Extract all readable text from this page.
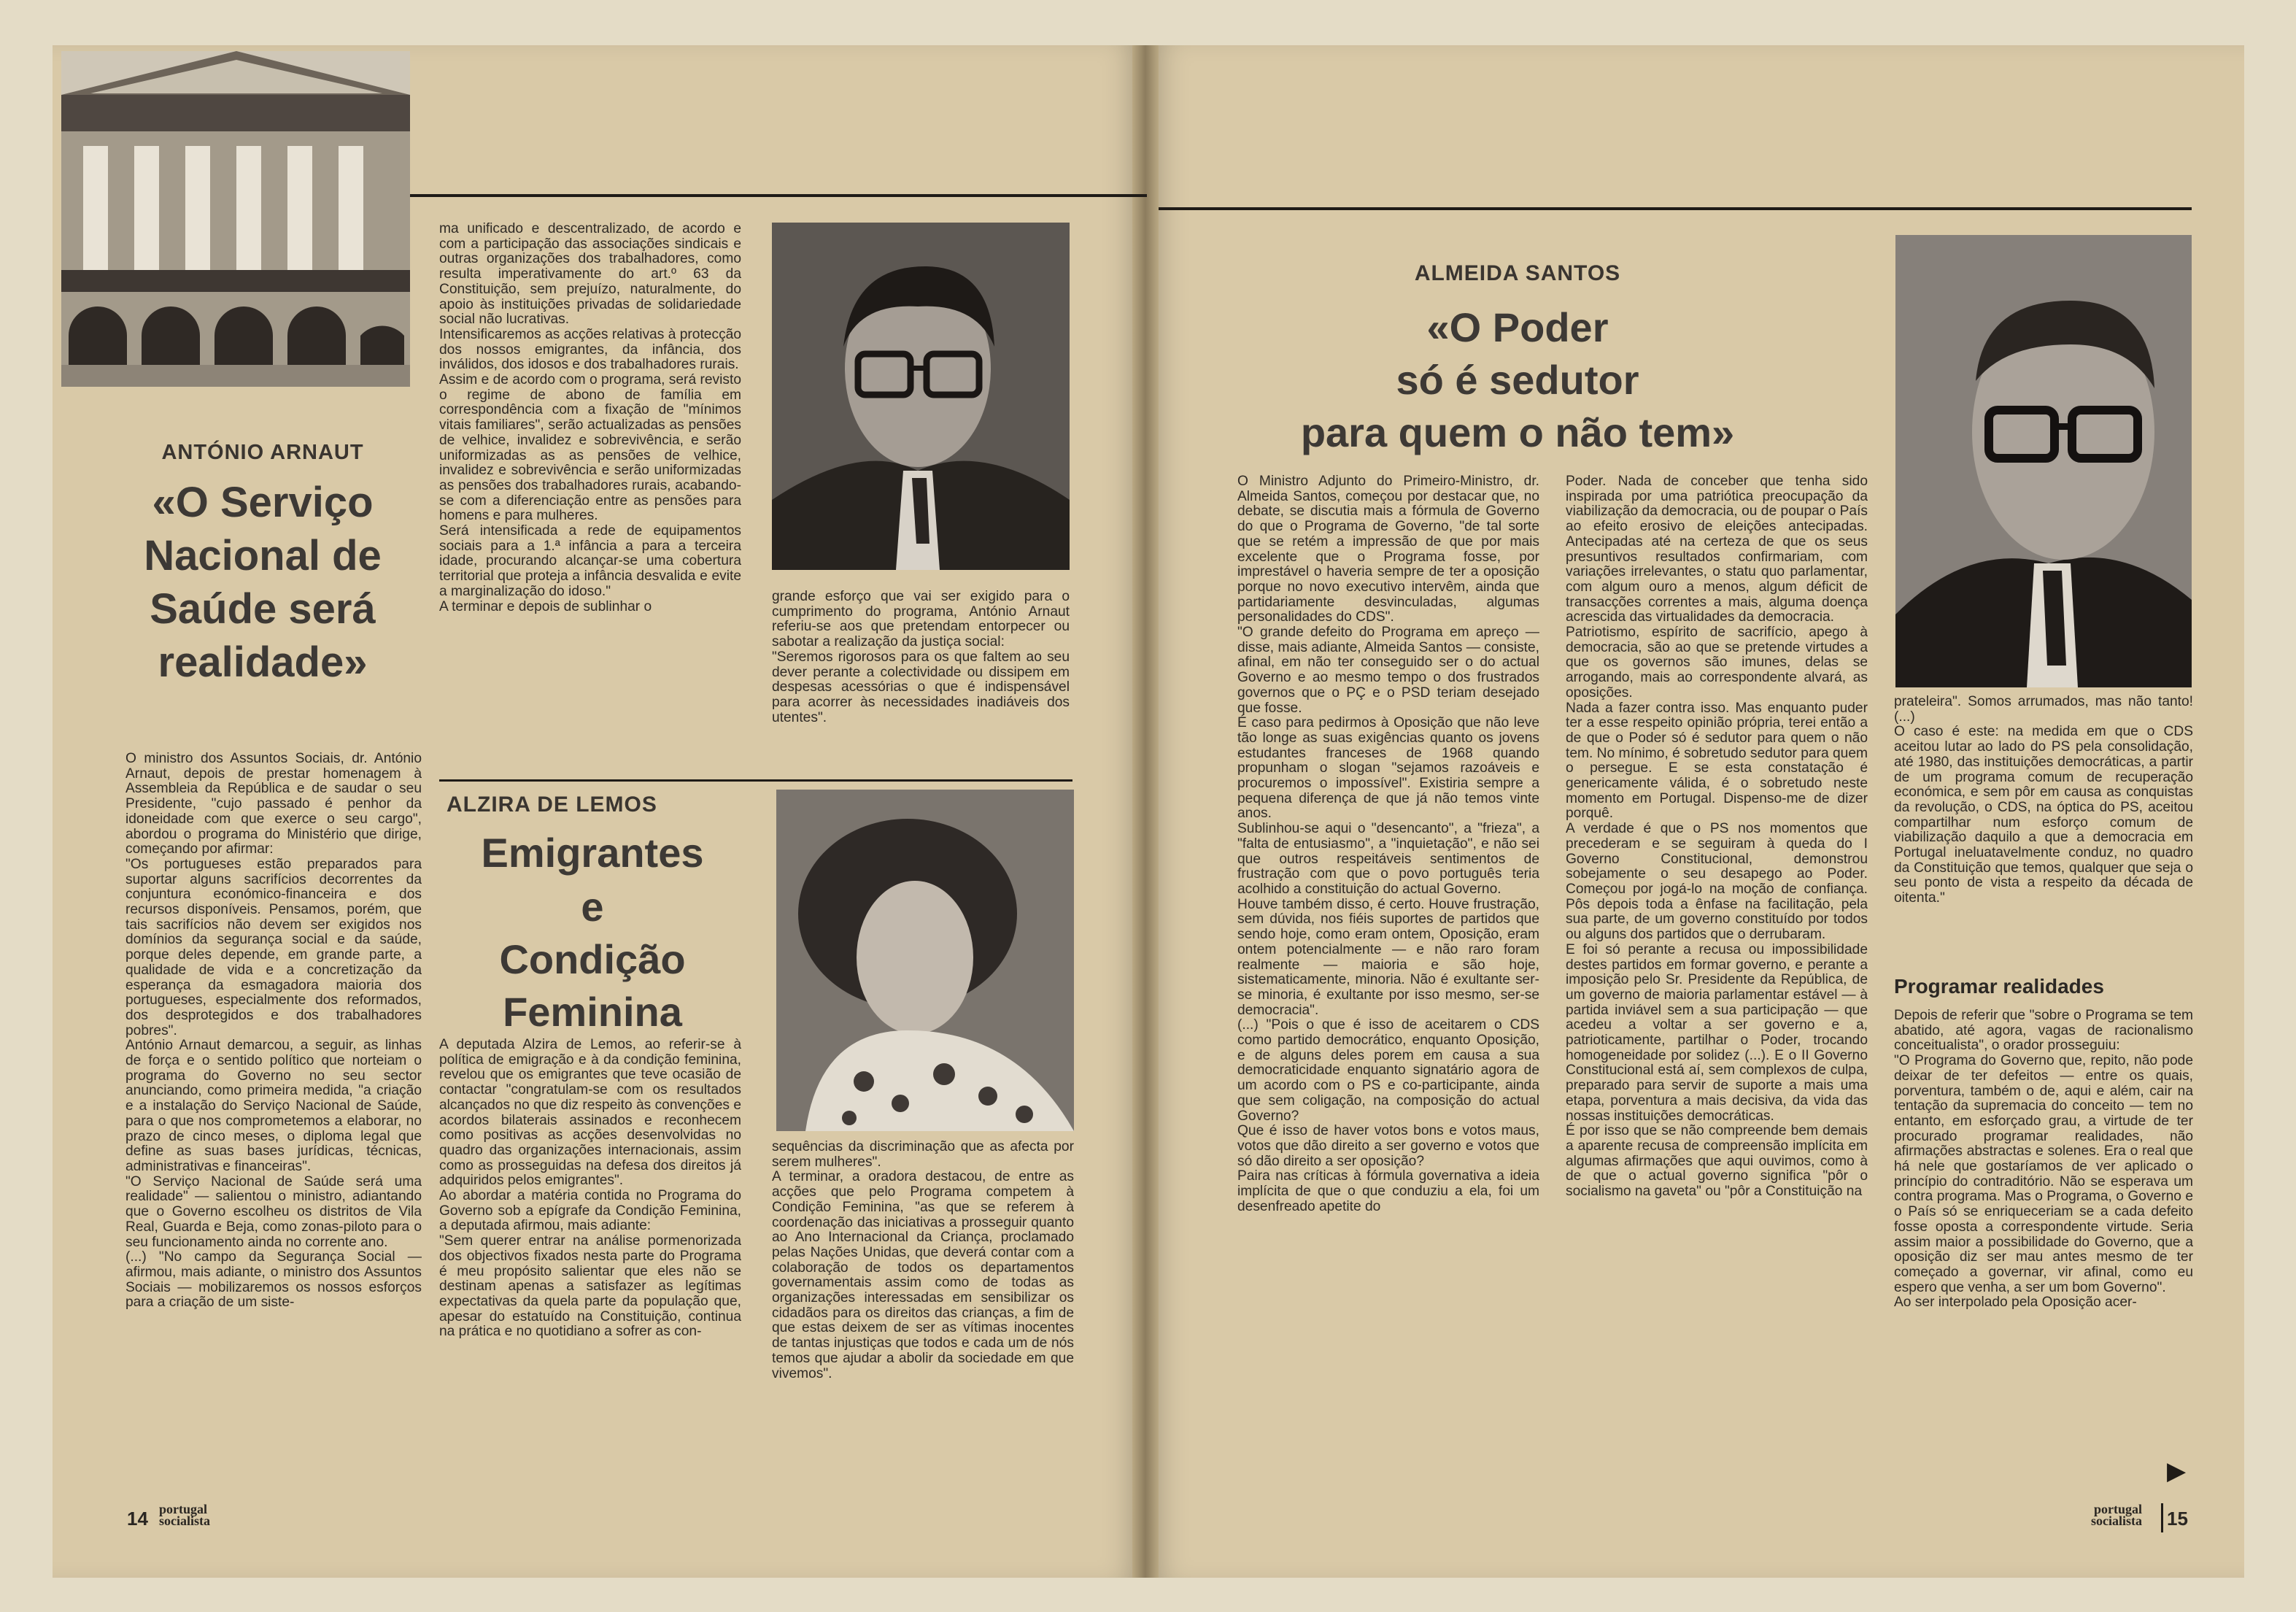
ANTÓNIO ARNAUT
«O Serviço Nacional de Saúde será realidade»
O ministro dos Assuntos Sociais, dr. António Arnaut, depois de prestar homenagem à Assembleia da República e de saudar o seu Presidente, "cujo passado é penhor da idoneidade com que exerce o seu cargo", abordou o programa do Ministério que dirige, começando por afirmar:
"Os portugueses estão preparados para suportar alguns sacrifícios decorrentes da conjuntura económico-financeira e dos recursos disponíveis. Pensamos, porém, que tais sacrifícios não devem ser exigidos nos domínios da segurança social e da saúde, porque deles depende, em grande parte, a qualidade de vida e a concretização da esperança da esmagadora maioria dos portugueses, especialmente dos reformados, dos desprotegidos e dos trabalhadores pobres".
António Arnaut demarcou, a seguir, as linhas de força e o sentido político que norteiam o programa do Governo no seu sector anunciando, como primeira medida, "a criação e a instalação do Serviço Nacional de Saúde, para o que nos comprometemos a elaborar, no prazo de cinco meses, o diploma legal que define as suas bases jurídicas, técnicas, administrativas e financeiras".
"O Serviço Nacional de Saúde será uma realidade" — salientou o ministro, adiantando que o Governo escolheu os distritos de Vila Real, Guarda e Beja, como zonas-piloto para o seu funcionamento ainda no corrente ano.
(...) "No campo da Segurança Social — afirmou, mais adiante, o ministro dos Assuntos Sociais — mobilizaremos os nossos esforços para a criação de um siste-
ma unificado e descentralizado, de acordo e com a participação das associações sindicais e outras organizações dos trabalhadores, como resulta imperativamente do art.º 63 da Constituição, sem prejuízo, naturalmente, do apoio às instituições privadas de solidariedade social não lucrativas.
Intensificaremos as acções relativas à protecção dos nossos emigrantes, da infância, dos inválidos, dos idosos e dos trabalhadores rurais.
Assim e de acordo com o programa, será revisto o regime de abono de família em correspondência com a fixação de "mínimos vitais familiares", serão actualizadas as pensões de velhice, invalidez e sobrevivência, e serão uniformizadas as as pensões de velhice, invalidez e sobrevivência e serão uniformizadas as pensões dos trabalhadores rurais, acabando-se com a diferenciação entre as pensões para homens e para mulheres.
Será intensificada a rede de equipamentos sociais para a 1.ª infância a para a terceira idade, procurando alcançar-se uma cobertura territorial que proteja a infância desvalida e evite a marginalização do idoso."
A terminar e depois de sublinhar o
grande esforço que vai ser exigido para o cumprimento do programa, António Arnaut referiu-se aos que pretendam entorpecer ou sabotar a realização da justiça social:
"Seremos rigorosos para os que faltem ao seu dever perante a colectividade ou dissipem em despesas acessórias o que é indispensável para acorrer às necessidades inadiáveis dos utentes".
ALZIRA DE LEMOS
Emigrantes
e
Condição
Feminina
A deputada Alzira de Lemos, ao referir-se à política de emigração e à da condição feminina, revelou que os emigrantes que teve ocasião de contactar "congratulam-se com os resultados alcançados no que diz respeito às convenções e acordos bilaterais assinados e reconhecem como positivas as acções desenvolvidas no quadro das organizações internacionais, assim como as prosseguidas na defesa dos direitos já adquiridos pelos emigrantes".
Ao abordar a matéria contida no Programa do Governo sob a epígrafe da Condição Feminina, a deputada afirmou, mais adiante:
"Sem querer entrar na análise pormenorizada dos objectivos fixados nesta parte do Programa é meu propósito salientar que eles não se destinam apenas a satisfazer as legítimas expectativas da quela parte da população que, apesar do estatuído na Constituição, continua na prática e no quotidiano a sofrer as con-
sequências da discriminação que as afecta por serem mulheres".
A terminar, a oradora destacou, de entre as acções que pelo Programa competem à Condição Feminina, "as que se referem à coordenação das iniciativas a prosseguir quanto ao Ano Internacional da Criança, proclamado pelas Nações Unidas, que deverá contar com a colaboração de todos os departamentos governamentais assim como de todas as organizações interessadas em sensibilizar os cidadãos para os direitos das crianças, a fim de que estas deixem de ser as vítimas inocentes de tantas injustiças que todos e cada um de nós temos que ajudar a abolir da sociedade em que vivemos".
14 portugal
socialista
ALMEIDA SANTOS
«O Poder
só é sedutor
para quem o não tem»
O Ministro Adjunto do Primeiro-Ministro, dr. Almeida Santos, começou por destacar que, no debate, se discutia mais a fórmula de Governo do que o Programa de Governo, "de tal sorte que se retém a impressão de que por mais excelente que o Programa fosse, por imprestável o haveria sempre de ter a oposição porque no novo executivo intervêm, ainda que partidariamente desvinculadas, algumas personalidades do CDS".
"O grande defeito do Programa em apreço — disse, mais adiante, Almeida Santos — consiste, afinal, em não ter conseguido ser o do actual Governo e ao mesmo tempo o dos frustrados governos que o PÇ e o PSD teriam desejado que fosse.
É caso para pedirmos à Oposição que não leve tão longe as suas exigências quanto os jovens estudantes franceses de 1968 quando propunham o slogan "sejamos razoáveis e procuremos o impossível". Existiria sempre a pequena diferença de que já não temos vinte anos.
Sublinhou-se aqui o "desencanto", a "frieza", a "falta de entusiasmo", a "inquietação", e não sei que outros respeitáveis sentimentos de frustração com que o povo português teria acolhido a constituição do actual Governo.
Houve também disso, é certo. Houve frustração, sem dúvida, nos fiéis suportes de partidos que sendo hoje, como eram ontem, Oposição, eram ontem potencialmente — e não raro foram realmente — maioria e são hoje, sistematicamente, minoria. Não é exultante ser-se minoria, é exultante por isso mesmo, ser-se democracia".
(...) "Pois o que é isso de aceitarem o CDS como partido democrático, enquanto Oposição, e de alguns deles porem em causa a sua democraticidade enquanto signatário agora de um acordo com o PS e co-participante, ainda que sem coligação, na composição do actual Governo?
Que é isso de haver votos bons e votos maus, votos que dão direito a ser governo e votos que só dão direito a ser oposição?
Paira nas críticas à fórmula governativa a ideia implícita de que o que conduziu a ela, foi um desenfreado apetite do
Poder. Nada de conceber que tenha sido inspirada por uma patriótica preocupação da viabilização da democracia, ou de poupar o País ao efeito erosivo de eleições antecipadas. Antecipadas até na certeza de que os seus presuntivos resultados confirmariam, com variações irrelevantes, o statu quo parlamentar, com algum ouro a menos, algum déficit de transacções correntes a mais, alguma doença acrescida das virtualidades da democracia.
Patriotismo, espírito de sacrifício, apego à democracia, são ao que se pretende virtudes a que os governos são imunes, delas se arrogando, mais ao correspondente alvará, as oposições.
Nada a fazer contra isso. Mas enquanto puder ter a esse respeito opinião própria, terei então a de que o Poder só é sedutor para quem o não tem. No mínimo, é sobretudo sedutor para quem o persegue. E se esta constatação é genericamente válida, é o sobretudo neste momento em Portugal. Dispenso-me de dizer porquê.
A verdade é que o PS nos momentos que precederam e se seguiram à queda do I Governo Constitucional, demonstrou sobejamente o seu desapego ao Poder. Começou por jogá-lo na moção de confiança. Pôs depois toda a ênfase na facilitação, pela sua parte, de um governo constituído por todos ou alguns dos partidos que o derrubaram.
E foi só perante a recusa ou impossibilidade destes partidos em formar governo, e perante a imposição pelo Sr. Presidente da República, de um governo de maioria parlamentar estável — à partida inviável sem a sua participação — que acedeu a voltar a ser governo e a, patrioticamente, partilhar o Poder, trocando homogeneidade por solidez (...). E o II Governo Constitucional está aí, sem complexos de culpa, preparado para servir de suporte a mais uma etapa, porventura a mais decisiva, da vida das nossas instituições democráticas.
É por isso que se não compreende bem demais a aparente recusa de compreensão implícita em algumas afirmações que aqui ouvimos, como à de que o actual governo significa "pôr o socialismo na gaveta" ou "pôr a Constituição na
prateleira". Somos arrumados, mas não tanto! (...)
O caso é este: na medida em que o CDS aceitou lutar ao lado do PS pela consolidação, até 1980, das instituições democráticas, a partir de um programa comum de recuperação económica, e sem pôr em causa as conquistas da revolução, o CDS, na óptica do PS, aceitou compartilhar num esforço comum de viabilização daquilo a que a democracia em Portugal ineluatavelmente conduz, no quadro da Constituição que temos, qualquer que seja o seu ponto de vista a respeito da década de oitenta."
Programar realidades
Depois de referir que "sobre o Programa se tem abatido, até agora, vagas de racionalismo conceitualista", o orador prosseguiu:
"O Programa do Governo que, repito, não pode deixar de ter defeitos — entre os quais, porventura, também o de, aqui e além, cair na tentação da supremacia do conceito — tem no entanto, em esforçado grau, a virtude de ter procurado programar realidades, não afirmações abstractas e solenes. Era o real que há nele que gostaríamos de ver aplicado o princípio do contraditório. Não se esperava um contra programa. Mas o Programa, o Governo e o País só se enriqueceriam se a cada defeito fosse oposta a correspondente virtude. Seria assim maior a possibilidade do Governo, que a oposição diz ser mau antes mesmo de ter começado a governar, vir afinal, como eu espero que venha, a ser um bom Governo".
Ao ser interpolado pela Oposição acer-
▶
portugal
socialista 15
